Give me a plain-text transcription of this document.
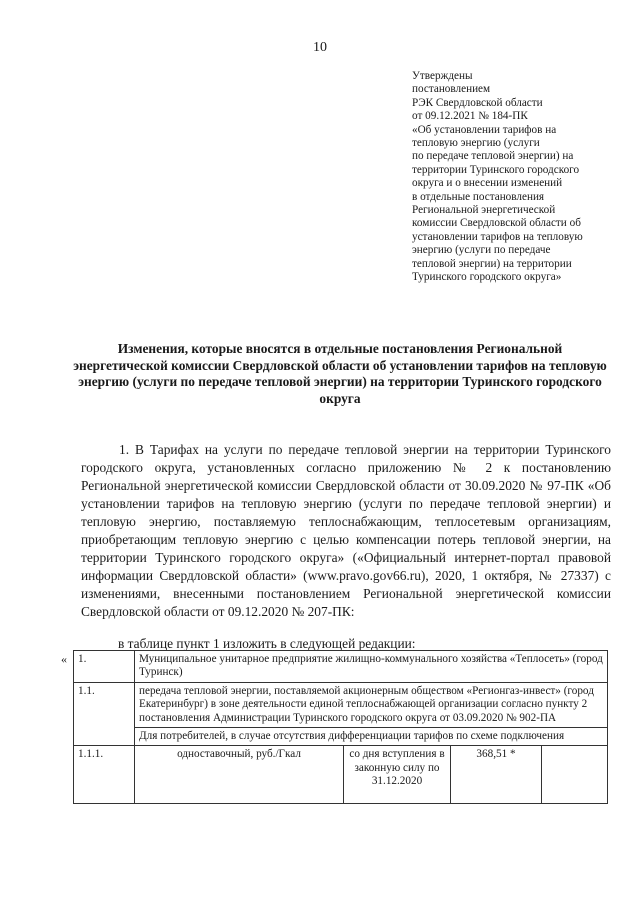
10
Утверждены
постановлением
РЭК Свердловской области
от 09.12.2021 № 184-ПК
«Об установлении тарифов на
тепловую энергию (услуги
по передаче тепловой энергии) на
территории Туринского городского
округа и о внесении изменений
в отдельные постановления
Региональной энергетической
комиссии Свердловской области об
установлении тарифов на тепловую
энергию (услуги по передаче
тепловой энергии) на территории
Туринского городского округа»
Изменения, которые вносятся в отдельные постановления Региональной энергетической комиссии Свердловской области об установлении тарифов на тепловую энергию (услуги по передаче тепловой энергии) на территории Туринского городского округа
1. В Тарифах на услуги по передаче тепловой энергии на территории Туринского городского округа, установленных согласно приложению № 2 к постановлению Региональной энергетической комиссии Свердловской области от 30.09.2020 № 97-ПК «Об установлении тарифов на тепловую энергию (услуги по передаче тепловой энергии) и тепловую энергию, поставляемую теплоснабжающим, теплосетевым организациям, приобретающим тепловую энергию с целью компенсации потерь тепловой энергии, на территории Туринского городского округа» («Официальный интернет-портал правовой информации Свердловской области» (www.pravo.gov66.ru), 2020, 1 октября, № 27337) с изменениями, внесенными постановлением Региональной энергетической комиссии Свердловской области от 09.12.2020 № 207-ПК:
в таблице пункт 1 изложить в следующей редакции:
« 1.	Муниципальное унитарное предприятие жилищно-коммунального хозяйства «Теплосеть» (город Туринск)			
1.1.	передача тепловой энергии, поставляемой акционерным обществом «Регионгаз-инвест» (город Екатеринбург) в зоне деятельности единой теплоснабжающей организации согласно пункту 2 постановления Администрации Туринского городского округа от 03.09.2020 № 902-ПА			
	Для потребителей, в случае отсутствия дифференциации тарифов по схеме подключения			
1.1.1.	одноставочный, руб./Гкал	со дня вступления в законную силу по 31.12.2020	368,51 *	
